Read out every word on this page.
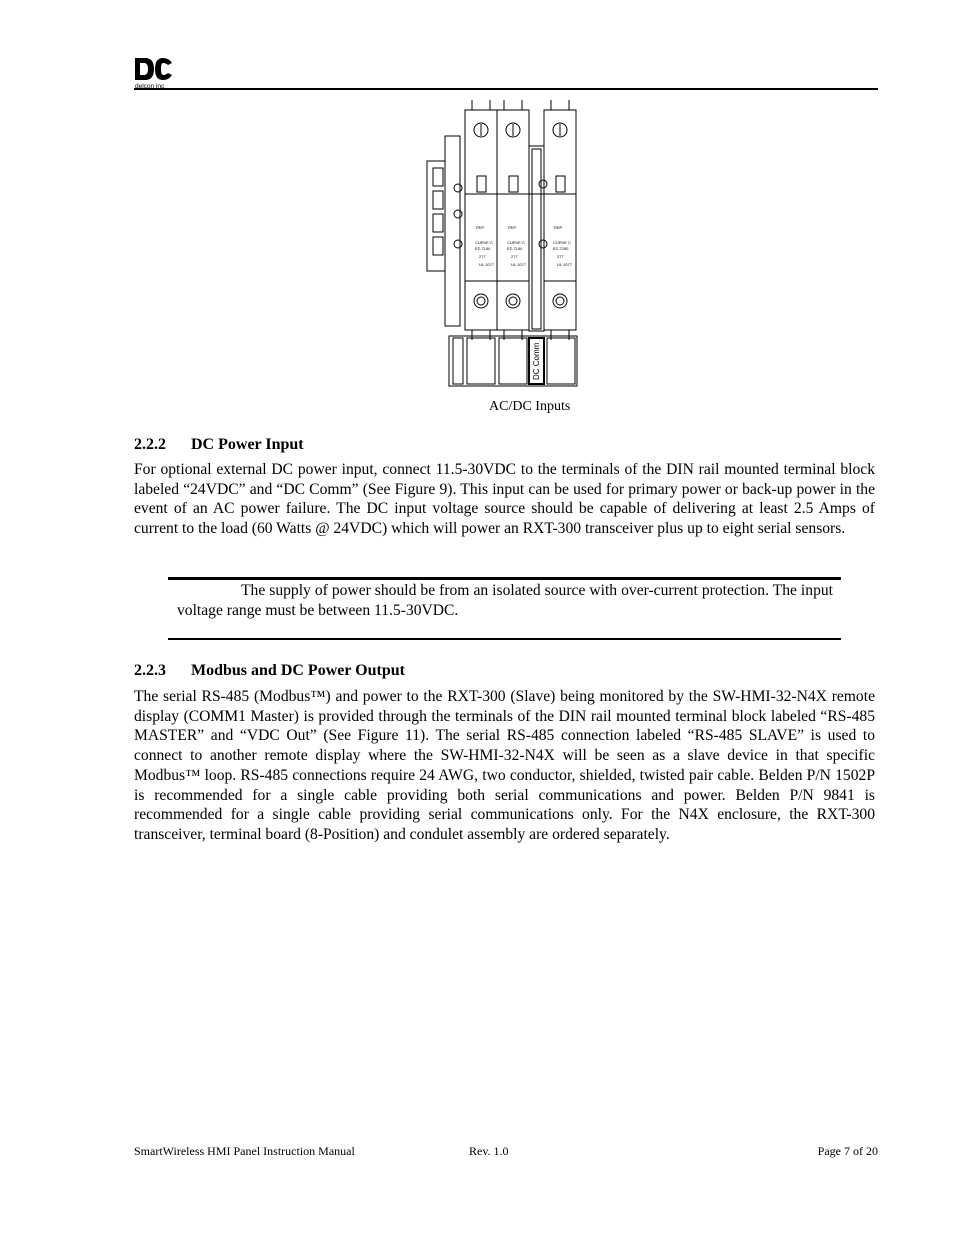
delcon inc
TRIP
CURVE C
EZ-7150
277
UL 1077
TRIP
CURVE C
EZ-7150
277
UL 1077
TRIP
CURVE C
EZ-7250
277
UL 1077
DC Comm
AC/DC Inputs
2.2.2 DC Power Input

For optional external DC power input, connect 11.5-30VDC to the terminals of the DIN rail mounted terminal block labeled “24VDC” and “DC Comm” (See Figure 9). This input can be used for primary power or back-up power in the event of an AC power failure. The DC input voltage source should be capable of delivering at least 2.5 Amps of current to the load (60 Watts @ 24VDC) which will power an RXT-300 transceiver plus up to eight serial sensors.

The supply of power should be from an isolated source with over-current protection. The input voltage range must be between 11.5-30VDC.

2.2.3 Modbus and DC Power Output

The serial RS-485 (Modbus™) and power to the RXT-300 (Slave) being monitored by the SW-HMI-32-N4X remote display (COMM1 Master) is provided through the terminals of the DIN rail mounted terminal block labeled “RS-485 MASTER” and “VDC Out” (See Figure 11). The serial RS-485 connection labeled “RS-485 SLAVE” is used to connect to another remote display where the SW-HMI-32-N4X will be seen as a slave device in that specific Modbus™ loop. RS-485 connections require 24 AWG, two conductor, shielded, twisted pair cable. Belden P/N 1502P is recommended for a single cable providing both serial communications and power. Belden P/N 9841 is recommended for a single cable providing serial communications only. For the N4X enclosure, the RXT-300 transceiver, terminal board (8-Position) and condulet assembly are ordered separately.

SmartWireless HMI Panel Instruction Manual	Rev. 1.0	Page 7 of 20
